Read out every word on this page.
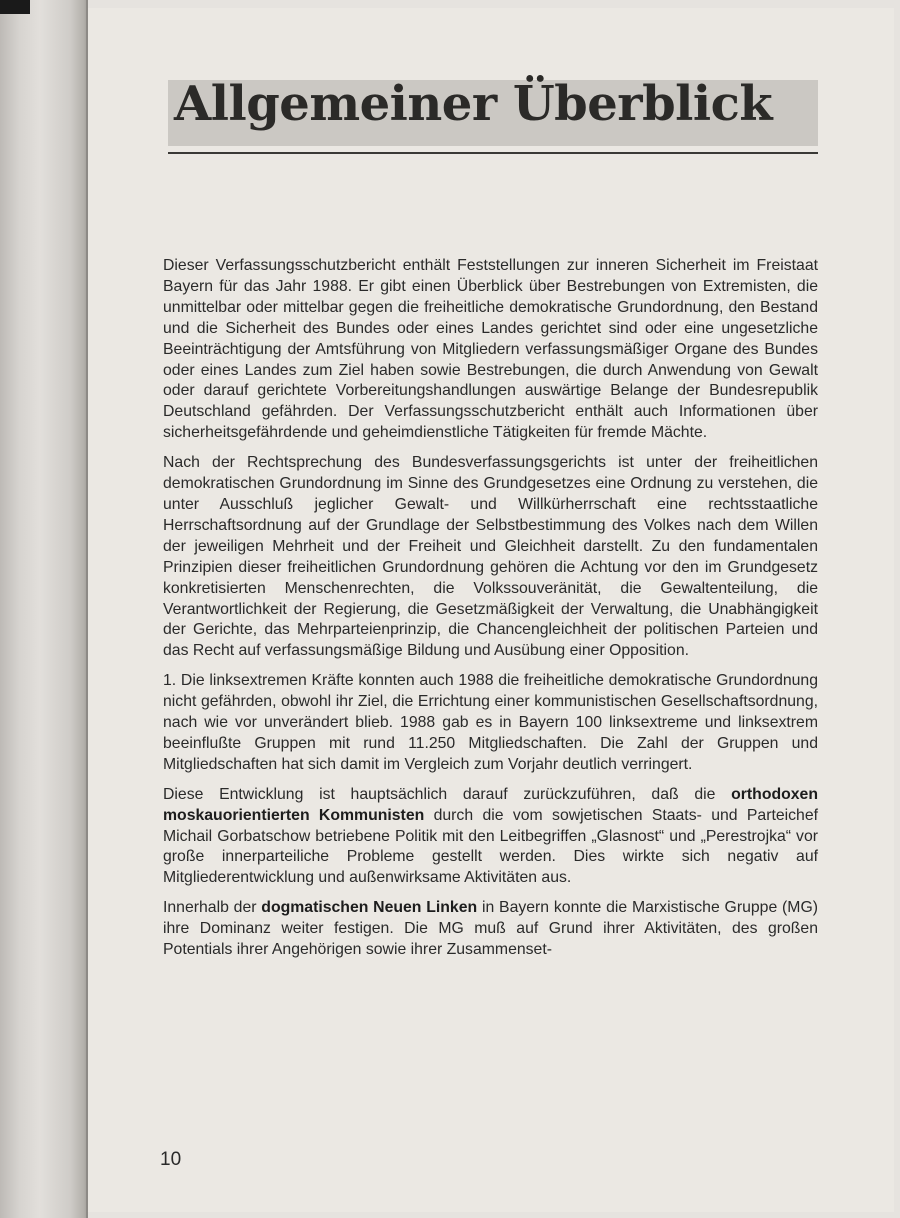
Allgemeiner Überblick

Dieser Verfassungsschutzbericht enthält Feststellungen zur inneren Sicherheit im Freistaat Bayern für das Jahr 1988. Er gibt einen Überblick über Bestrebungen von Extremisten, die unmittelbar oder mittelbar gegen die freiheitliche demokratische Grundordnung, den Bestand und die Sicherheit des Bundes oder eines Landes gerichtet sind oder eine ungesetzliche Beeinträchtigung der Amtsführung von Mitgliedern verfassungsmäßiger Organe des Bundes oder eines Landes zum Ziel haben sowie Bestrebungen, die durch Anwendung von Gewalt oder darauf gerichtete Vorbereitungshandlungen auswärtige Belange der Bundesrepublik Deutschland gefährden. Der Verfassungsschutzbericht enthält auch Informationen über sicherheitsgefährdende und geheimdienstliche Tätigkeiten für fremde Mächte.

Nach der Rechtsprechung des Bundesverfassungsgerichts ist unter der freiheitlichen demokratischen Grundordnung im Sinne des Grundgesetzes eine Ordnung zu verstehen, die unter Ausschluß jeglicher Gewalt- und Willkürherrschaft eine rechtsstaatliche Herrschaftsordnung auf der Grundlage der Selbstbestimmung des Volkes nach dem Willen der jeweiligen Mehrheit und der Freiheit und Gleichheit darstellt. Zu den fundamentalen Prinzipien dieser freiheitlichen Grundordnung gehören die Achtung vor den im Grundgesetz konkretisierten Menschenrechten, die Volkssouveränität, die Gewaltenteilung, die Verantwortlichkeit der Regierung, die Gesetzmäßigkeit der Verwaltung, die Unabhängigkeit der Gerichte, das Mehrparteienprinzip, die Chancengleichheit der politischen Parteien und das Recht auf verfassungsmäßige Bildung und Ausübung einer Opposition.

1. Die linksextremen Kräfte konnten auch 1988 die freiheitliche demokratische Grundordnung nicht gefährden, obwohl ihr Ziel, die Errichtung einer kommunistischen Gesellschaftsordnung, nach wie vor unverändert blieb. 1988 gab es in Bayern 100 linksextreme und linksextrem beeinflußte Gruppen mit rund 11.250 Mitgliedschaften. Die Zahl der Gruppen und Mitgliedschaften hat sich damit im Vergleich zum Vorjahr deutlich verringert.

Diese Entwicklung ist hauptsächlich darauf zurückzuführen, daß die orthodoxen moskauorientierten Kommunisten durch die vom sowjetischen Staats- und Parteichef Michail Gorbatschow betriebene Politik mit den Leitbegriffen „Glasnost“ und „Perestrojka“ vor große innerparteiliche Probleme gestellt werden. Dies wirkte sich negativ auf Mitgliederentwicklung und außenwirksame Aktivitäten aus.

Innerhalb der dogmatischen Neuen Linken in Bayern konnte die Marxistische Gruppe (MG) ihre Dominanz weiter festigen. Die MG muß auf Grund ihrer Aktivitäten, des großen Potentials ihrer Angehörigen sowie ihrer Zusammenset-

10
